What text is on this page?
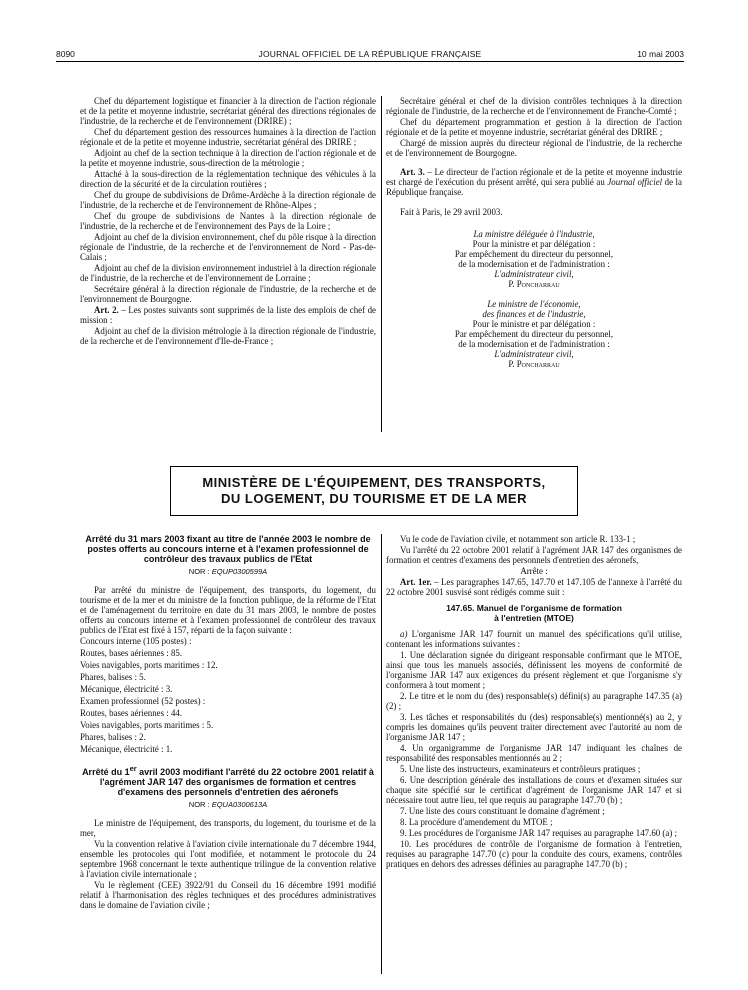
8090	JOURNAL OFFICIEL DE LA RÉPUBLIQUE FRANÇAISE	10 mai 2003

Chef du département logistique et financier à la direction de l'action régionale et de la petite et moyenne industrie, secrétariat général des directions régionales de l'industrie, de la recherche et de l'environnement (DRIRE) ;

Chef du département gestion des ressources humaines à la direction de l'action régionale et de la petite et moyenne industrie, secrétariat général des DRIRE ;

Adjoint au chef de la section technique à la direction de l'action régionale et de la petite et moyenne industrie, sous-direction de la métrologie ;

Attaché à la sous-direction de la réglementation technique des véhicules à la direction de la sécurité et de la circulation routières ;

Chef du groupe de subdivisions de Drôme-Ardèche à la direction régionale de l'industrie, de la recherche et de l'environnement de Rhône-Alpes ;

Chef du groupe de subdivisions de Nantes à la direction régionale de l'industrie, de la recherche et de l'environnement des Pays de la Loire ;

Adjoint au chef de la division environnement, chef du pôle risque à la direction régionale de l'industrie, de la recherche et de l'environnement de Nord - Pas-de-Calais ;

Adjoint au chef de la division environnement industriel à la direction régionale de l'industrie, de la recherche et de l'environnement de Lorraine ;

Secrétaire général à la direction régionale de l'industrie, de la recherche et de l'environnement de Bourgogne.

Art. 2. – Les postes suivants sont supprimés de la liste des emplois de chef de mission :

Adjoint au chef de la division métrologie à la direction régionale de l'industrie, de la recherche et de l'environnement d'Ile-de-France ;

Secrétaire général et chef de la division contrôles techniques à la direction régionale de l'industrie, de la recherche et de l'environnement de Franche-Comté ;

Chef du département programmation et gestion à la direction de l'action régionale et de la petite et moyenne industrie, secrétariat général des DRIRE ;

Chargé de mission auprès du directeur régional de l'industrie, de la recherche et de l'environnement de Bourgogne.

Art. 3. – Le directeur de l'action régionale et de la petite et moyenne industrie est chargé de l'exécution du présent arrêté, qui sera publié au Journal officiel de la République française.

Fait à Paris, le 29 avril 2003.

La ministre déléguée à l'industrie,

Pour la ministre et par délégation :

Par empêchement du directeur du personnel,

de la modernisation et de l'administration :

L'administrateur civil,

P. Poncharrau

Le ministre de l'économie,

des finances et de l'industrie,

Pour le ministre et par délégation :

Par empêchement du directeur du personnel,

de la modernisation et de l'administration :

L'administrateur civil,

P. Poncharrau

MINISTÈRE DE L'ÉQUIPEMENT, DES TRANSPORTS,
DU LOGEMENT, DU TOURISME ET DE LA MER

Arrêté du 31 mars 2003 fixant au titre de l'année 2003 le nombre de postes offerts au concours interne et à l'examen professionnel de contrôleur des travaux publics de l'Etat

NOR : EQUP0300599A

Par arrêté du ministre de l'équipement, des transports, du logement, du tourisme et de la mer et du ministre de la fonction publique, de la réforme de l'Etat et de l'aménagement du territoire en date du 31 mars 2003, le nombre de postes offerts au concours interne et à l'examen professionnel de contrôleur des travaux publics de l'Etat est fixé à 157, réparti de la façon suivante :

Concours interne (105 postes) :

Routes, bases aériennes : 85.

Voies navigables, ports maritimes : 12.

Phares, balises : 5.

Mécanique, électricité : 3.

Examen professionnel (52 postes) :

Routes, bases aériennes : 44.

Voies navigables, ports maritimes : 5.

Phares, balises : 2.

Mécanique, électricité : 1.

Arrêté du 1er avril 2003 modifiant l'arrêté du 22 octobre 2001 relatif à l'agrément JAR 147 des organismes de formation et centres d'examens des personnels d'entretien des aéronefs

NOR : EQUA0300613A

Le ministre de l'équipement, des transports, du logement, du tourisme et de la mer,

Vu la convention relative à l'aviation civile internationale du 7 décembre 1944, ensemble les protocoles qui l'ont modifiée, et notamment le protocole du 24 septembre 1968 concernant le texte authentique trilingue de la convention relative à l'aviation civile internationale ;

Vu le règlement (CEE) 3922/91 du Conseil du 16 décembre 1991 modifié relatif à l'harmonisation des règles techniques et des procédures administratives dans le domaine de l'aviation civile ;

Vu le code de l'aviation civile, et notamment son article R. 133-1 ;

Vu l'arrêté du 22 octobre 2001 relatif à l'agrément JAR 147 des organismes de formation et centres d'examens des personnels d'entretien des aéronefs,

Arrête :

Art. 1er. – Les paragraphes 147.65, 147.70 et 147.105 de l'annexe à l'arrêté du 22 octobre 2001 susvisé sont rédigés comme suit :

147.65. Manuel de l'organisme de formation
à l'entretien (MTOE)

a) L'organisme JAR 147 fournit un manuel des spécifications qu'il utilise, contenant les informations suivantes :

1. Une déclaration signée du dirigeant responsable confirmant que le MTOE, ainsi que tous les manuels associés, définissent les moyens de conformité de l'organisme JAR 147 aux exigences du présent règlement et que l'organisme s'y conformera à tout moment ;

2. Le titre et le nom du (des) responsable(s) défini(s) au paragraphe 147.35 (a) (2) ;

3. Les tâches et responsabilités du (des) responsable(s) mentionné(s) au 2, y compris les domaines qu'ils peuvent traiter directement avec l'autorité au nom de l'organisme JAR 147 ;

4. Un organigramme de l'organisme JAR 147 indiquant les chaînes de responsabilité des responsables mentionnés au 2 ;

5. Une liste des instructeurs, examinateurs et contrôleurs pratiques ;

6. Une description générale des installations de cours et d'examen situées sur chaque site spécifié sur le certificat d'agrément de l'organisme JAR 147 et si nécessaire tout autre lieu, tel que requis au paragraphe 147.70 (b) ;

7. Une liste des cours constituant le domaine d'agrément ;

8. La procédure d'amendement du MTOE ;

9. Les procédures de l'organisme JAR 147 requises au paragraphe 147.60 (a) ;

10. Les procédures de contrôle de l'organisme de formation à l'entretien, requises au paragraphe 147.70 (c) pour la conduite des cours, examens, contrôles pratiques en dehors des adresses définies au paragraphe 147.70 (b) ;
